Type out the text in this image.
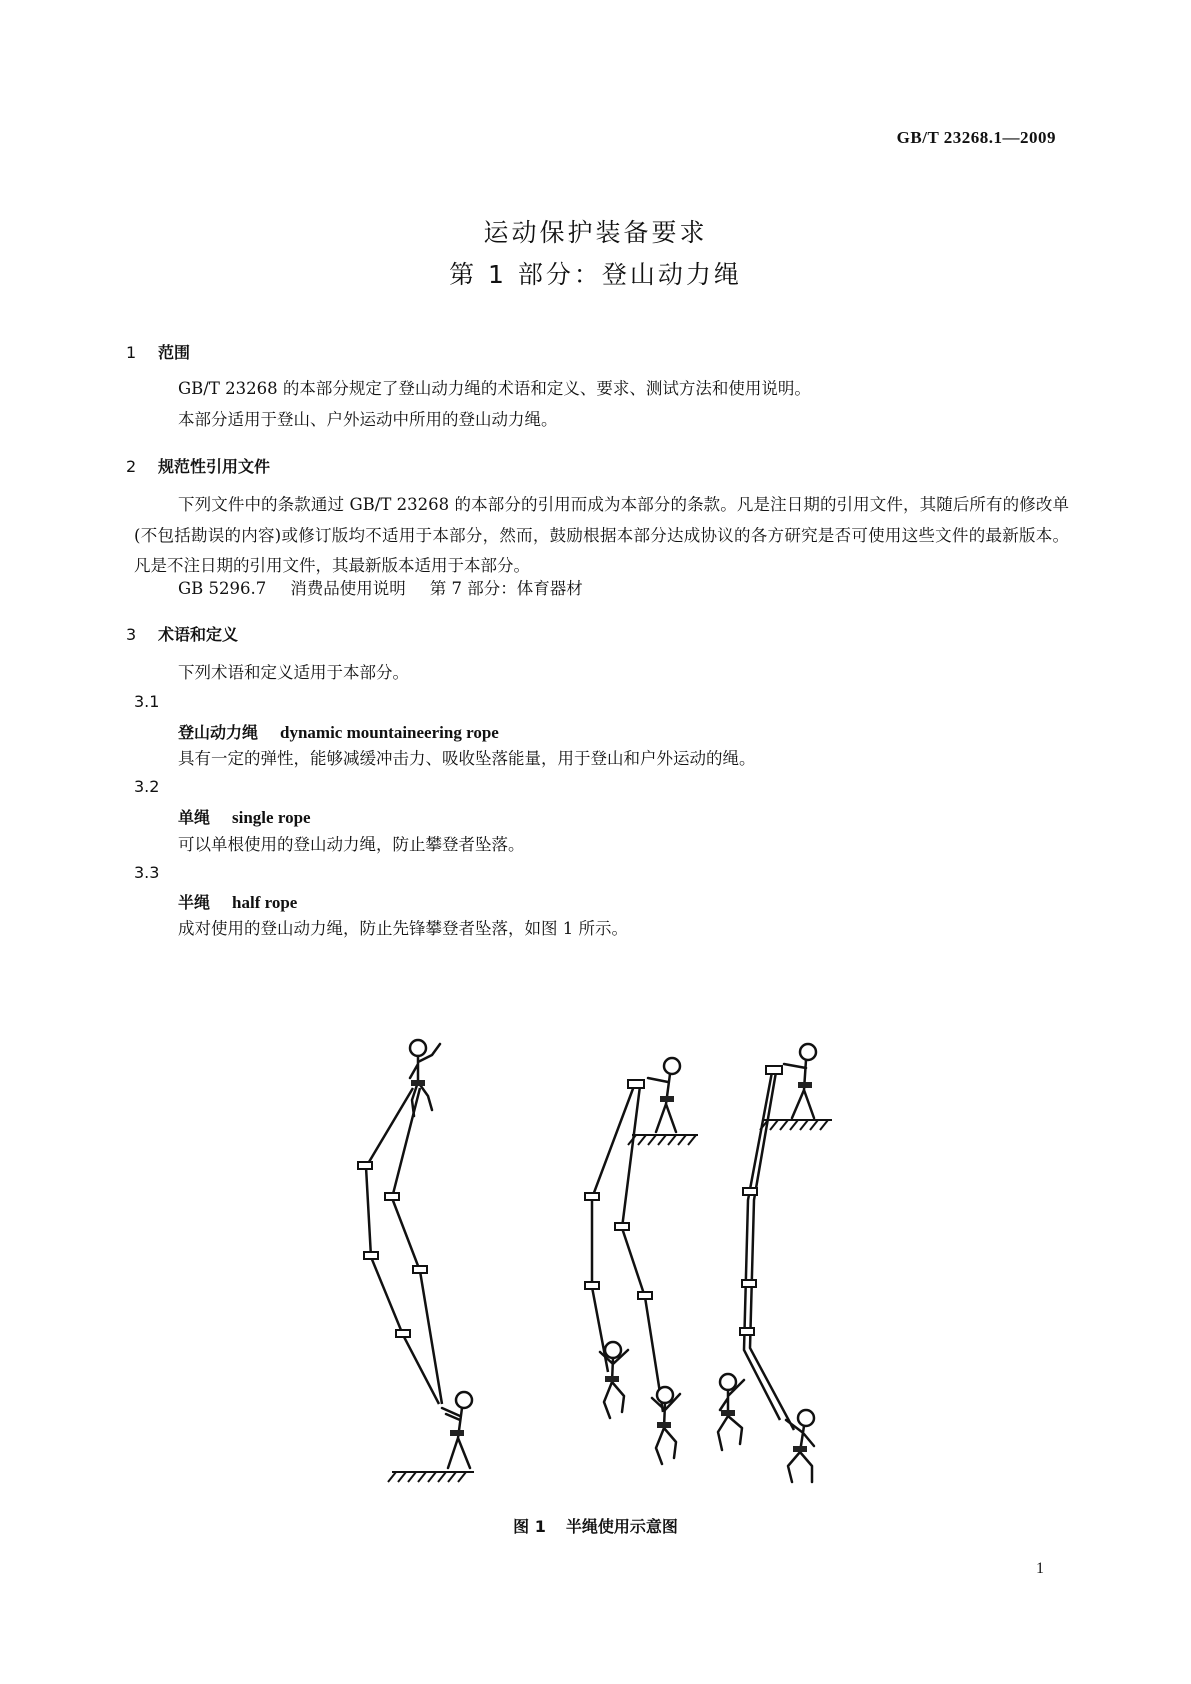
GB/T 23268.1—2009
运动保护装备要求
第 1 部分：登山动力绳
1 范围
GB/T 23268 的本部分规定了登山动力绳的术语和定义、要求、测试方法和使用说明。
本部分适用于登山、户外运动中所用的登山动力绳。
2 规范性引用文件
下列文件中的条款通过 GB/T 23268 的本部分的引用而成为本部分的条款。凡是注日期的引用文件，其随后所有的修改单(不包括勘误的内容)或修订版均不适用于本部分，然而，鼓励根据本部分达成协议的各方研究是否可使用这些文件的最新版本。凡是不注日期的引用文件，其最新版本适用于本部分。
GB 5296.7 消费品使用说明 第 7 部分：体育器材
3 术语和定义
下列术语和定义适用于本部分。
3.1
登山动力绳 dynamic mountaineering rope
具有一定的弹性，能够减缓冲击力、吸收坠落能量，用于登山和户外运动的绳。
3.2
单绳 single rope
可以单根使用的登山动力绳，防止攀登者坠落。
3.3
半绳 half rope
成对使用的登山动力绳，防止先锋攀登者坠落，如图 1 所示。
图 1 半绳使用示意图
1
